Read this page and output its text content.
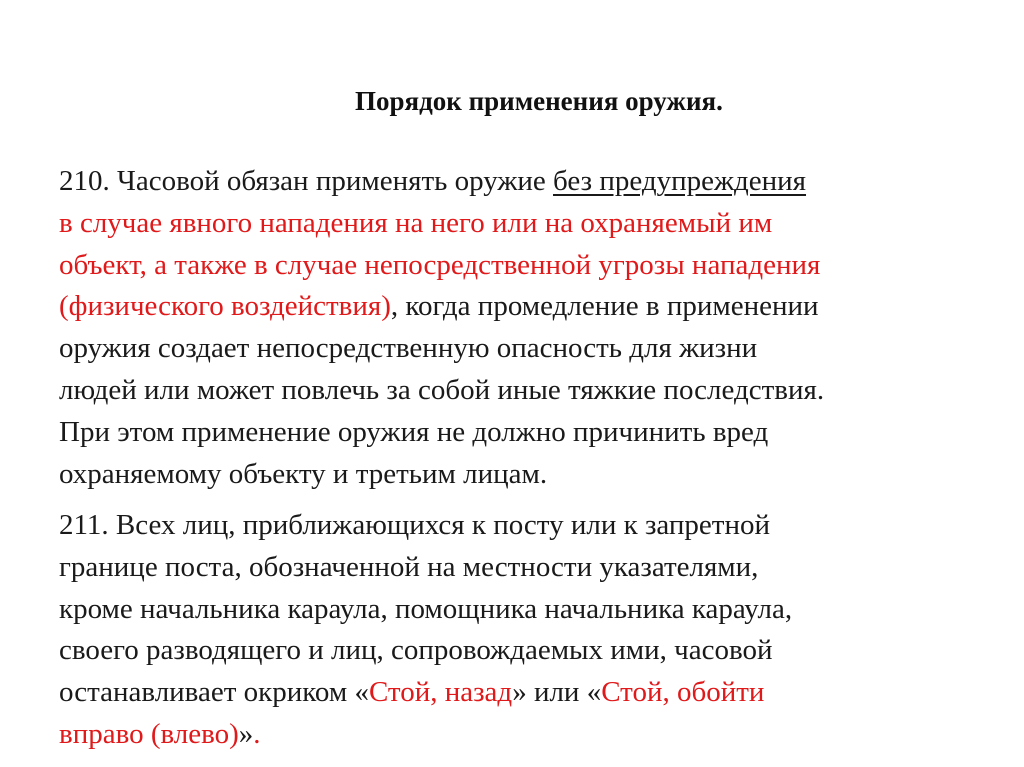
Порядок применения оружия.
210. Часовой обязан применять оружие без предупреждения
в случае явного нападения на него или на охраняемый им
объект, а также в случае непосредственной угрозы нападения
(физического воздействия), когда промедление в применении
оружия создает непосредственную опасность для жизни
людей или может повлечь за собой иные тяжкие последствия.
При этом применение оружия не должно причинить вред
охраняемому объекту и третьим лицам.
211. Всех лиц, приближающихся к посту или к запретной
границе поста, обозначенной на местности указателями,
кроме начальника караула, помощника начальника караула,
своего разводящего и лиц, сопровождаемых ими, часовой
останавливает окриком «Стой, назад» или «Стой, обойти
вправо (влево)».
